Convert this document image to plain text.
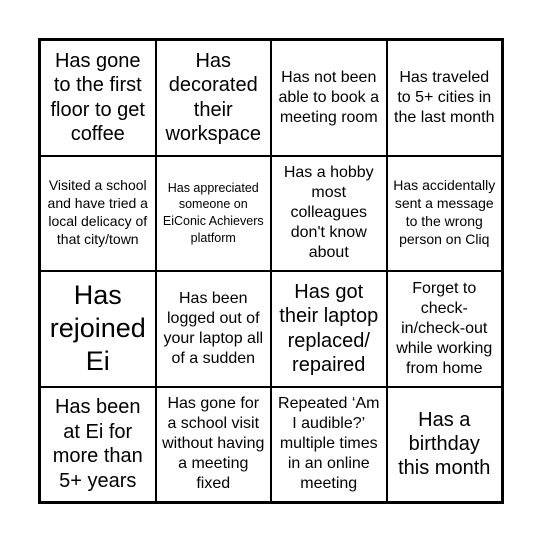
Has gone to the first floor to get coffee
Has decorated their workspace
Has not been able to book a meeting room
Has traveled to 5+ cities in the last month
Visited a school and have tried a local delicacy of that city/town
Has appreciated someone on EiConic Achievers platform
Has a hobby most colleagues don't know about
Has accidentally sent a message to the wrong person on Cliq
Has rejoined Ei
Has been logged out of your laptop all of a sudden
Has got their laptop replaced/ repaired
Forget to check-in/check-out while working from home
Has been at Ei for more than 5+ years
Has gone for a school visit without having a meeting fixed
Repeated ‘Am I audible?’ multiple times in an online meeting
Has a birthday this month
